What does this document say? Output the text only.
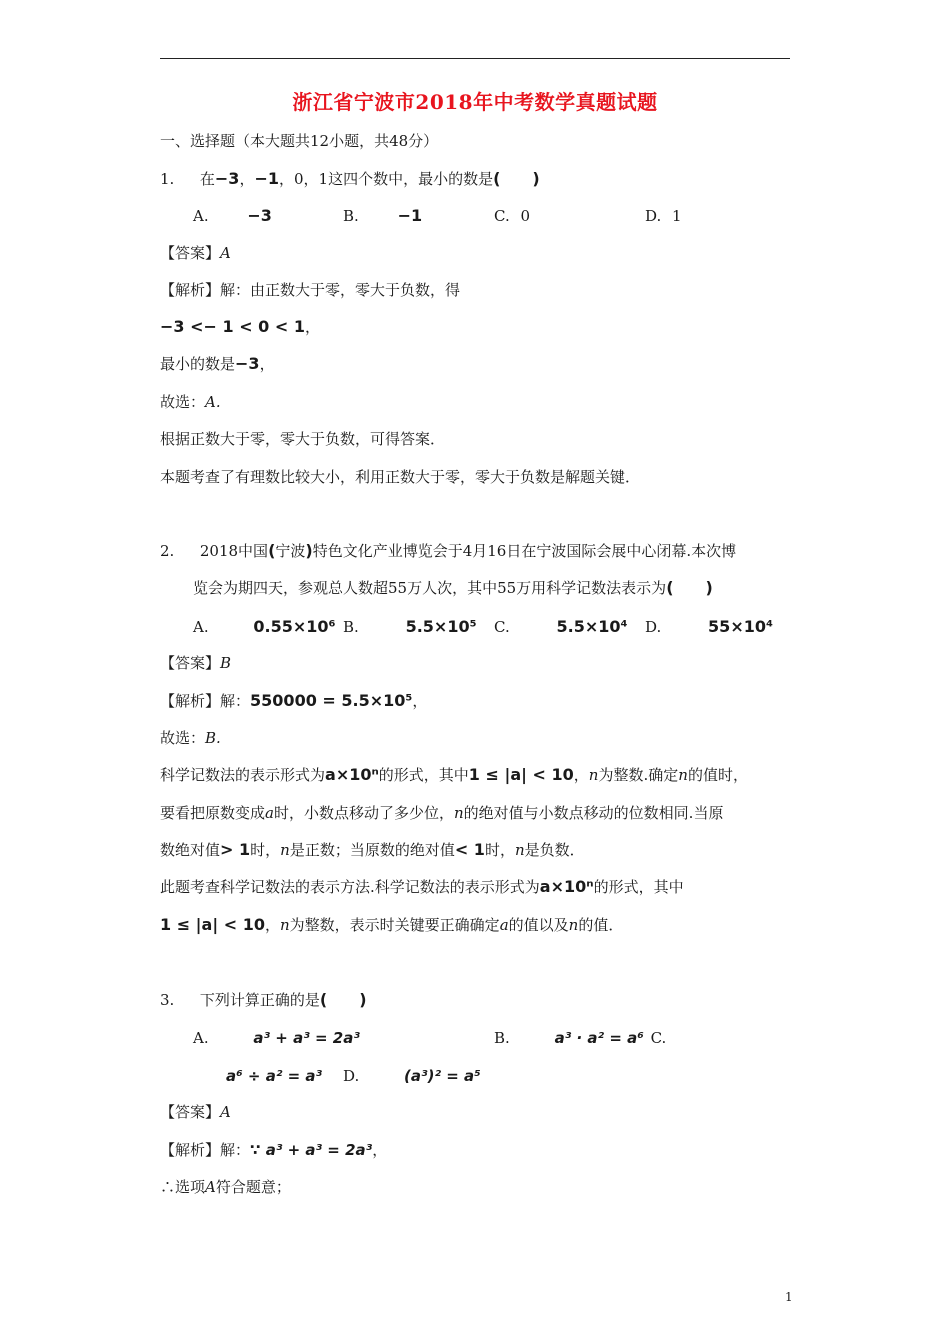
浙江省宁波市2018年中考数学真题试题
一、选择题（本大题共12小题，共48分）
1. 在−3，−1，0，1这四个数中，最小的数是(　　)
A. −3	B. −1	C. 0	D. 1
【答案】A
【解析】解：由正数大于零，零大于负数，得
−3 <− 1 < 0 < 1，
最小的数是−3，
故选：A.
根据正数大于零，零大于负数，可得答案．
本题考查了有理数比较大小，利用正数大于零，零大于负数是解题关键．
2. 2018中国(宁波)特色文化产业博览会于4月16日在宁波国际会展中心闭幕.本次博
览会为期四天，参观总人数超55万人次，其中55万用科学记数法表示为(　　)
A.	0.55×10⁶ B.	5.5×10⁵ C.	5.5×10⁴ D.	55×10⁴
【答案】B
【解析】解：550000 = 5.5×10⁵，
故选：B.
科学记数法的表示形式为a×10ⁿ的形式，其中1 ≤ |a| < 10，n为整数.确定n的值时，
要看把原数变成a时，小数点移动了多少位，n的绝对值与小数点移动的位数相同.当原
数绝对值> 1时，n是正数；当原数的绝对值< 1时，n是负数．
此题考查科学记数法的表示方法.科学记数法的表示形式为a×10ⁿ的形式，其中
1 ≤ |a| < 10，n为整数，表示时关键要正确确定a的值以及n的值．
3. 下列计算正确的是(　　)
A.	a³ + a³ = 2a³	B.	a³ · a² = a⁶ C.
a⁶ ÷ a² = a³ D.	(a³)² = a⁵
【答案】A
【解析】解：∵ a³ + a³ = 2a³，
∴选项A符合题意；
1
